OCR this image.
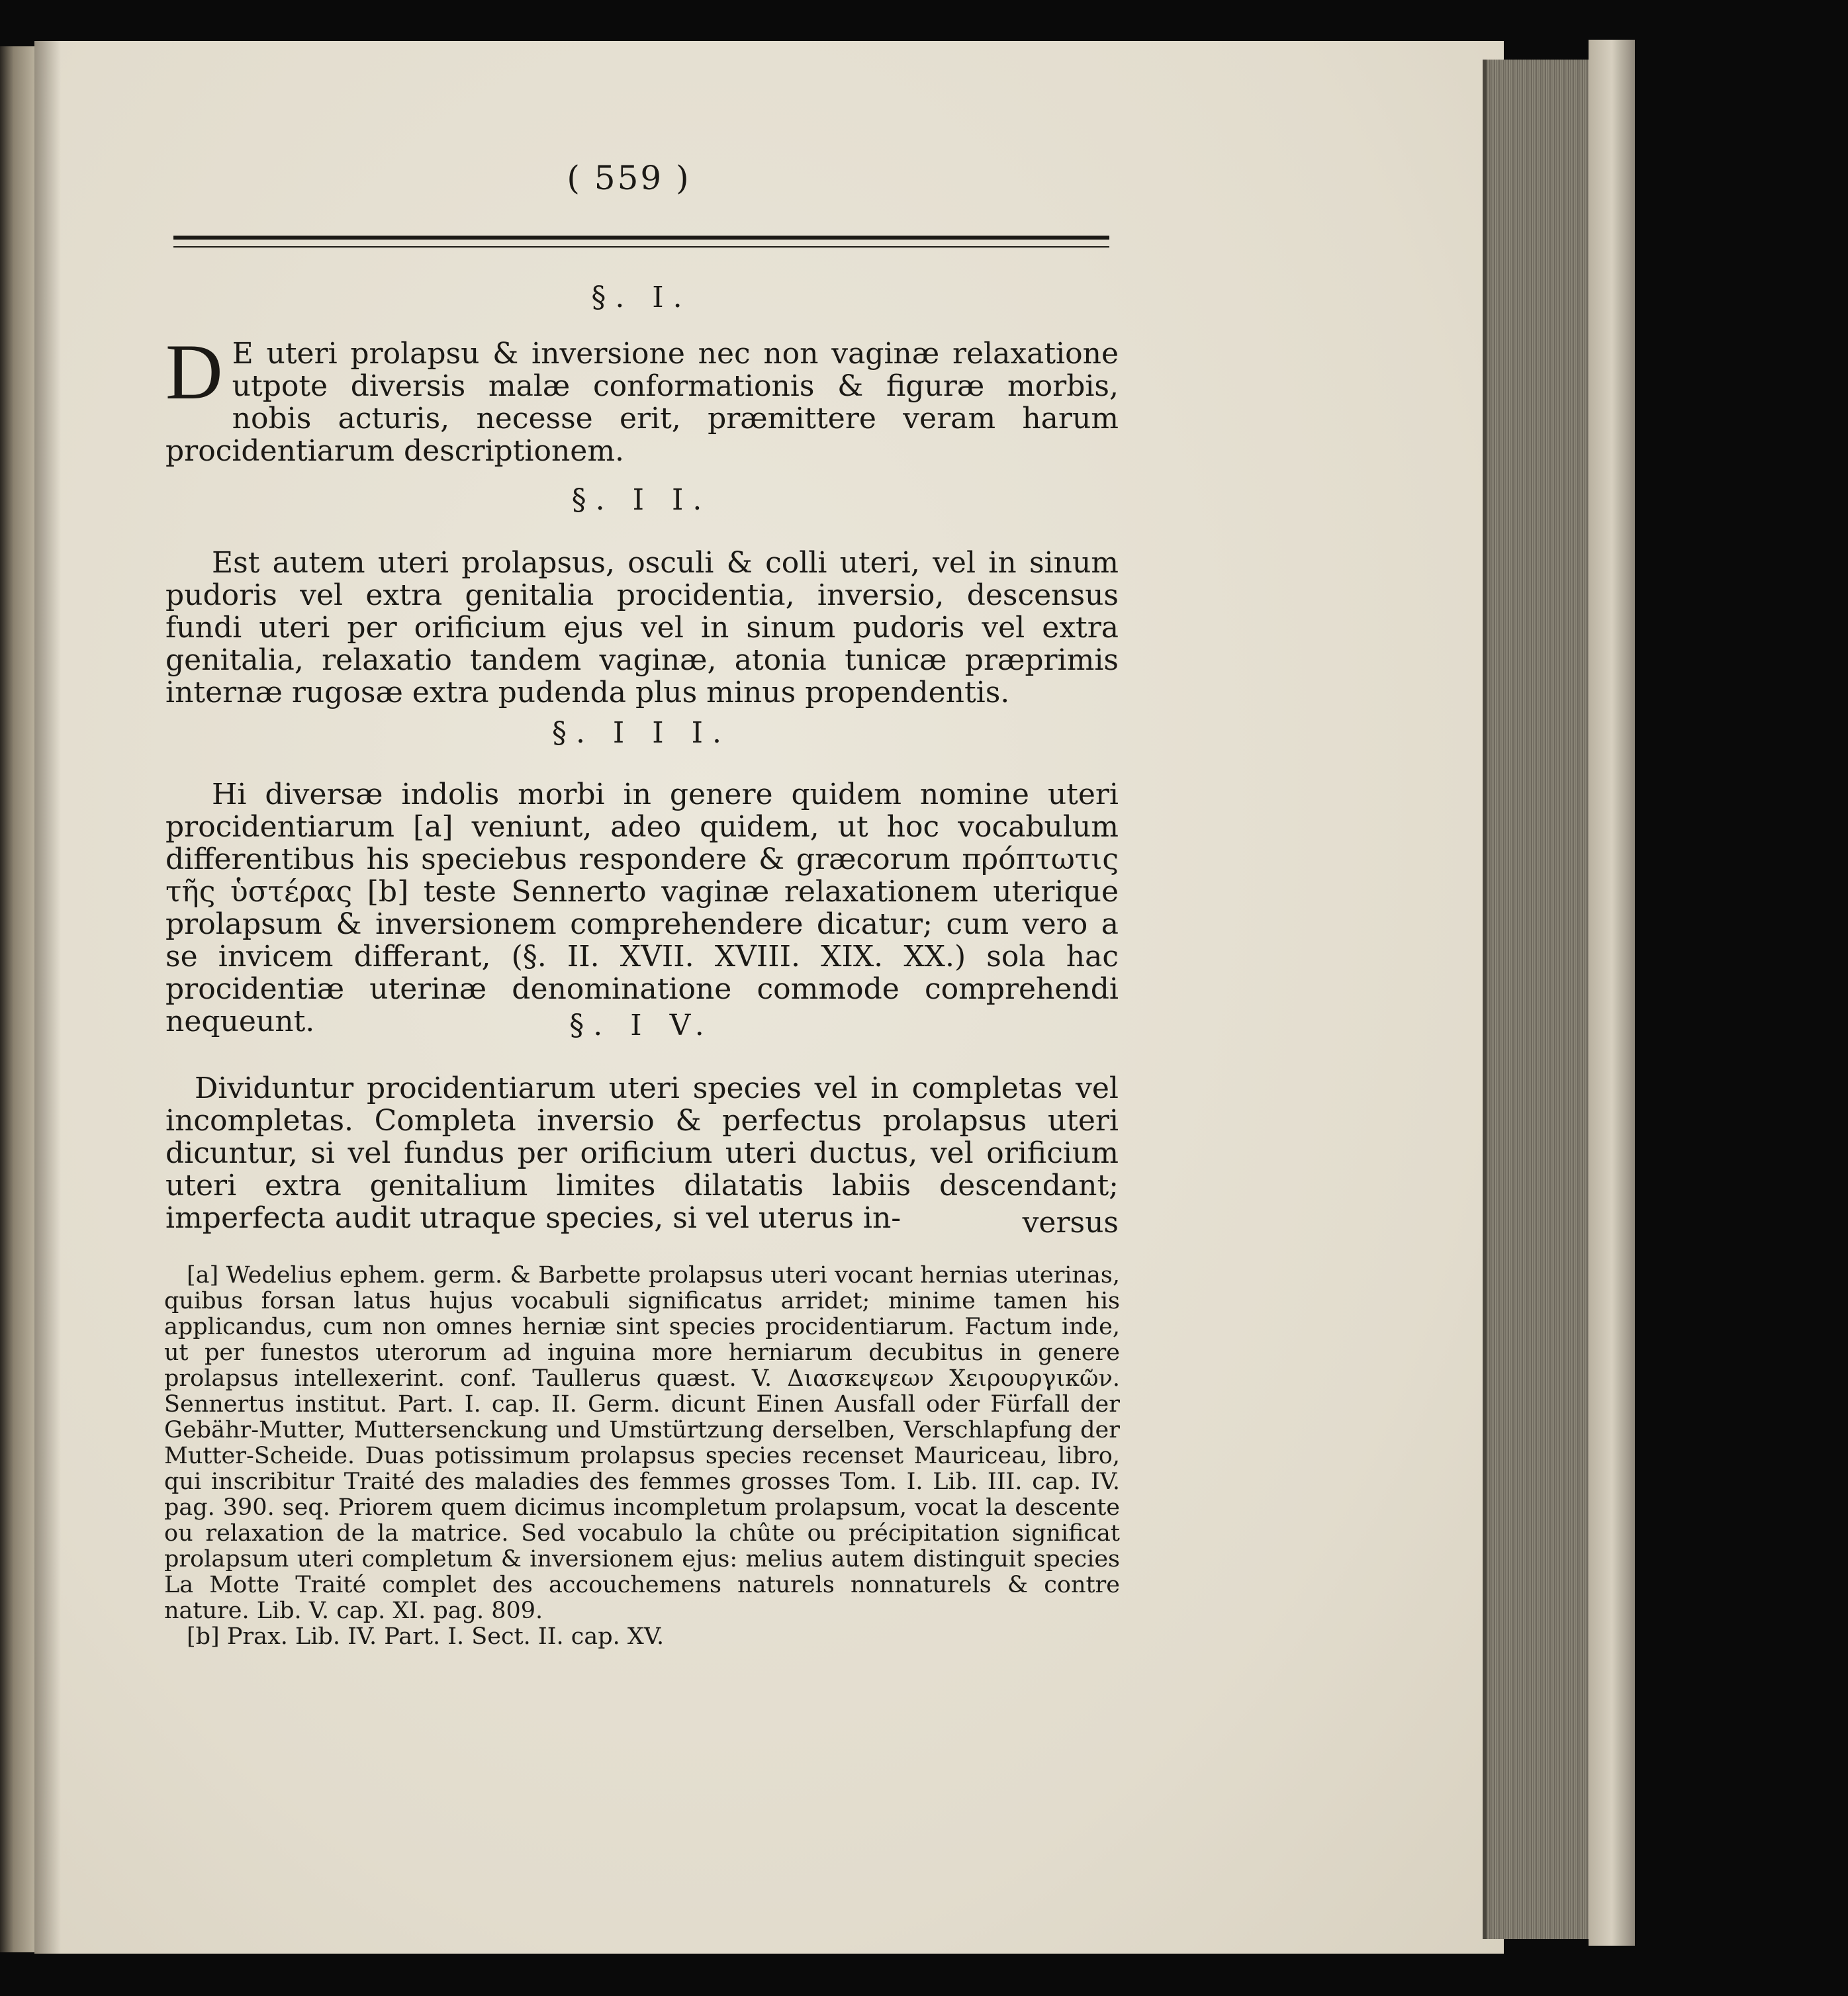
( 559 )
§. I.
D E uteri prolapsu & inversione nec non vaginæ relaxatione utpote diversis malæ conformationis & figuræ morbis, nobis acturis, necesse erit, præmittere veram harum procidentiarum descriptionem.
§. I I.
Est autem uteri prolapsus, osculi & colli uteri, vel in sinum pudoris vel extra genitalia procidentia, inversio, descensus fundi uteri per orificium ejus vel in sinum pudoris vel extra genitalia, relaxatio tandem vaginæ, atonia tunicæ præprimis internæ rugosæ extra pudenda plus minus propendentis.
§. I I I.
Hi diversæ indolis morbi in genere quidem nomine uteri procidentiarum [a] veniunt, adeo quidem, ut hoc vocabulum differentibus his speciebus respondere & græcorum πρόπτωτις τῆς ὑστέρας [b] teste Sennerto vaginæ relaxationem uterique prolapsum & inversionem comprehendere dicatur; cum vero a se invicem differant, (§. II. XVII. XVIII. XIX. XX.) sola hac procidentiæ uterinæ denominatione commode comprehendi nequeunt.	§. I V.
Dividuntur procidentiarum uteri species vel in completas vel incompletas. Completa inversio & perfectus prolapsus uteri dicuntur, si vel fundus per orificium uteri ductus, vel orificium uteri extra genitalium limites dilatatis labiis descendant; imperfecta audit utraque species, si vel uterus in-	versus

[a] Wedelius ephem. germ. & Barbette prolapsus uteri vocant hernias uterinas, quibus forsan latus hujus vocabuli significatus arridet; minime tamen his applicandus, cum non omnes herniæ sint species procidentiarum. Factum inde, ut per funestos uterorum ad inguina more herniarum decubitus in genere prolapsus intellexerint. conf. Taullerus quæst. V. Διασκεψεων Χειρουργικῶν. Sennertus institut. Part. I. cap. II. Germ. dicunt Einen Ausfall oder Fürfall der Gebähr-Mutter, Muttersenckung und Umstürtzung derselben, Verschlapfung der Mutter-Scheide. Duas potissimum prolapsus species recenset Mauriceau, libro, qui inscribitur Traité des maladies des femmes grosses Tom. I. Lib. III. cap. IV. pag. 390. seq. Priorem quem dicimus incompletum prolapsum, vocat la descente ou relaxation de la matrice. Sed vocabulo la chûte ou précipitation significat prolapsum uteri completum & inversionem ejus: melius autem distinguit species La Motte Traité complet des accouchemens naturels nonnaturels & contre nature. Lib. V. cap. XI. pag. 809.

[b] Prax. Lib. IV. Part. I. Sect. II. cap. XV.
